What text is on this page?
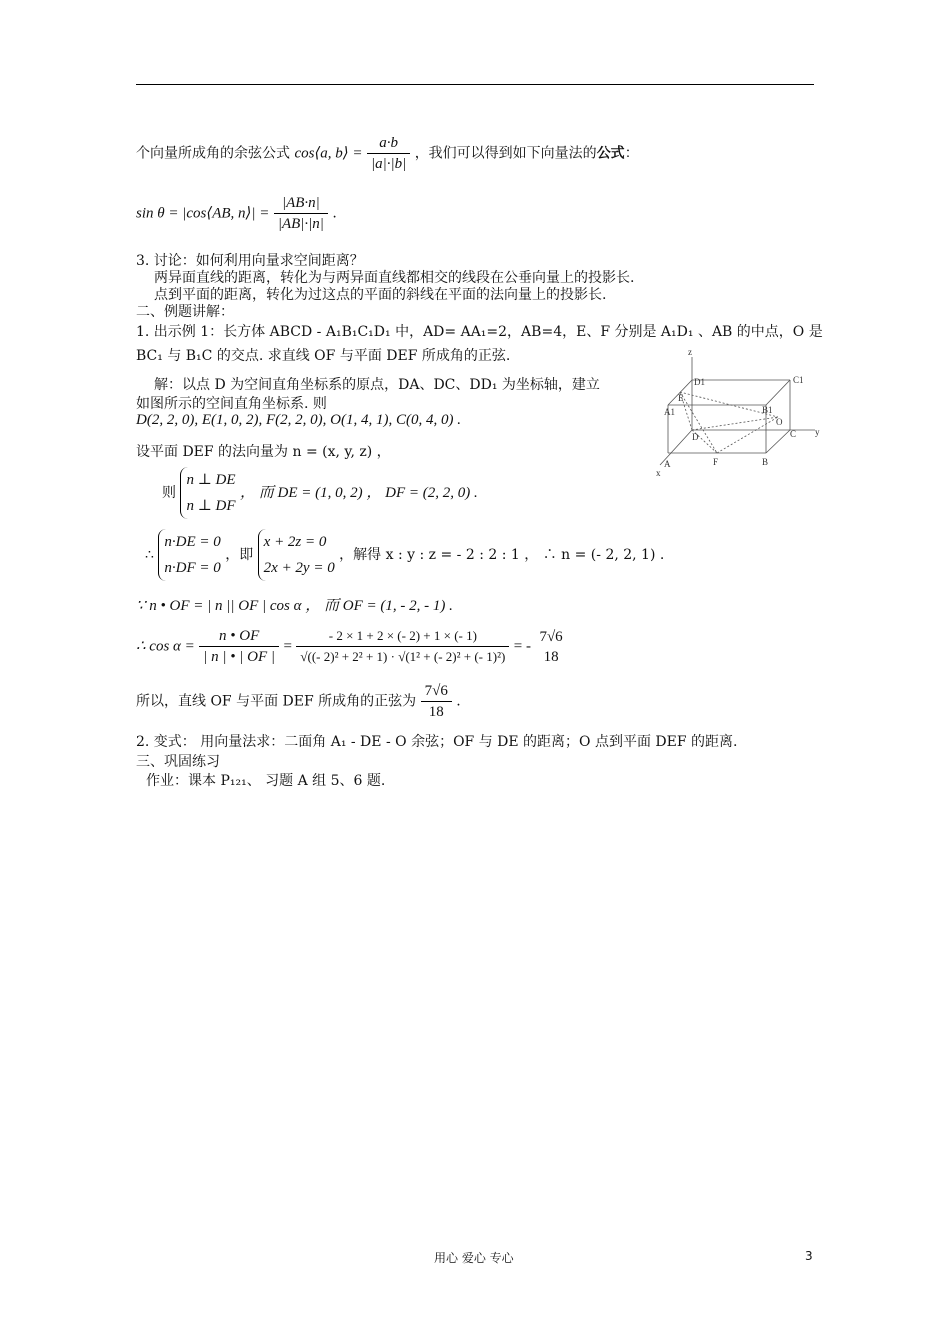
个向量所成角的余弦公式 cos⟨a, b⟩ = $\frac{a\cdot b}{|a|\cdot|b|}$ ，我们可以得到如下向量法的公式：
sin θ = |cos⟨AB, n⟩| = $\frac{|AB\cdot n|}{|AB|\cdot|n|}$ .
3. 讨论：如何利用向量求空间距离？
两异面直线的距离，转化为与两异面直线都相交的线段在公垂向量上的投影长.
点到平面的距离，转化为过这点的平面的斜线在平面的法向量上的投影长.
二、例题讲解：
1. 出示例 1：长方体 ABCD - A₁B₁C₁D₁ 中，AD= AA₁=2，AB=4，E、F 分别是 A₁D₁ 、AB 的中点，O 是
BC₁ 与 B₁C 的交点. 求直线 OF 与平面 DEF 所成角的正弦.
解：以点 D 为空间直角坐标系的原点，DA、DC、DD₁ 为坐标轴，建立
如图所示的空间直角坐标系. 则
D(2, 2, 0), E(1, 0, 2), F(2, 2, 0), O(1, 4, 1), C(0, 4, 0) .
设平面 DEF 的法向量为 n = (x, y, z) ，
则
n ⊥ DE
n ⊥ DF
， 而 DE = (1, 0, 2) ， DF = (2, 2, 0) .
∴
n·DE = 0
n·DF = 0
，即
x + 2z = 0
2x + 2y = 0
，解得 x : y : z = - 2 : 2 : 1 ， ∴ n = (- 2, 2, 1) .
∵ n • OF = | n || OF | cos α ， 而 OF = (1, - 2, - 1) .
∴ $\cos \alpha = \frac{n • OF}{| n | • | OF |} = \frac{- 2 \times 1 + 2 \times (- 2) + 1 \times (- 1)}{\text{√((- 2)² + 2² + 1) · √(1² + (- 2)² + (- 1)²)}}$ = -
7√6
18
所以，直线 OF 与平面 DEF 所成角的正弦为 $\frac{7√6}{18}$ .
2. 变式： 用向量法求：二面角 A₁ - DE - O 余弦；OF 与 DE 的距离；O 点到平面 DEF 的距离.
三、巩固练习
作业：课本 P₁₂₁、 习题 A 组 5、6 题.
z
D1	C1
A1
E
B1
O
D	C y
A	F	B
x
用心 爱心 专心	3
